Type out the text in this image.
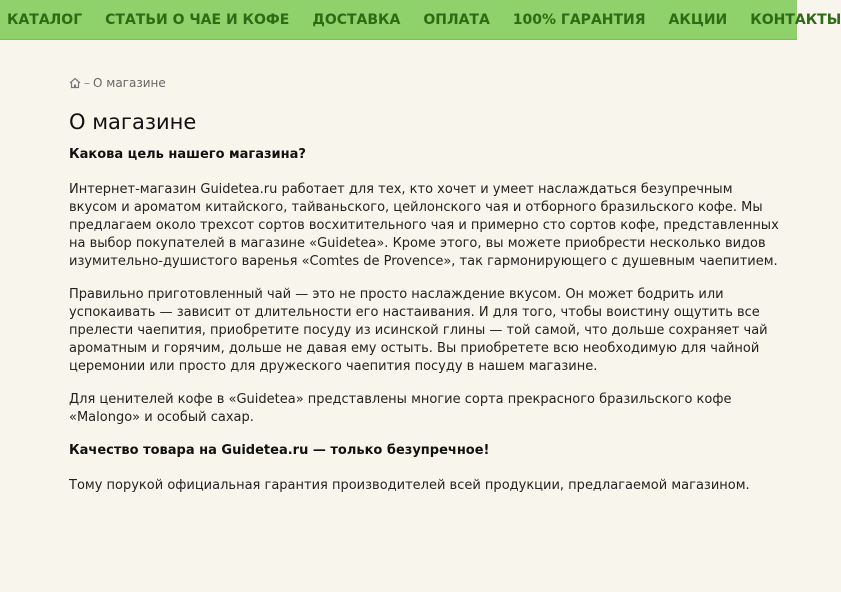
КАТАЛОГ СТАТЬИ О ЧАЕ И КОФЕ ДОСТАВКА ОПЛАТА 100% ГАРАНТИЯ АКЦИИ КОНТАКТЫ
– О магазине
О магазине
Какова цель нашего магазина?

Интернет-магазин Guidetea.ru работает для тех, кто хочет и умеет наслаждаться безупречным вкусом и ароматом китайского, тайваньского, цейлонского чая и отборного бразильского кофе. Мы предлагаем около трехсот сортов восхитительного чая и примерно сто сортов кофе, представленных на выбор покупателей в магазине «Guidetea». Кроме этого, вы можете приобрести несколько видов изумительно-душистого варенья «Comtes de Provence», так гармонирующего с душевным чаепитием.

Правильно приготовленный чай — это не просто наслаждение вкусом. Он может бодрить или успокаивать — зависит от длительности его настаивания. И для того, чтобы воистину ощутить все прелести чаепития, приобретите посуду из исинской глины — той самой, что дольше сохраняет чай ароматным и горячим, дольше не давая ему остыть. Вы приобретете всю необходимую для чайной церемонии или просто для дружеского чаепития посуду в нашем магазине.

Для ценителей кофе в «Guidetea» представлены многие сорта прекрасного бразильского кофе «Malongo» и особый сахар.

Качество товара на Guidetea.ru — только безупречное!

Тому порукой официальная гарантия производителей всей продукции, предлагаемой магазином.
